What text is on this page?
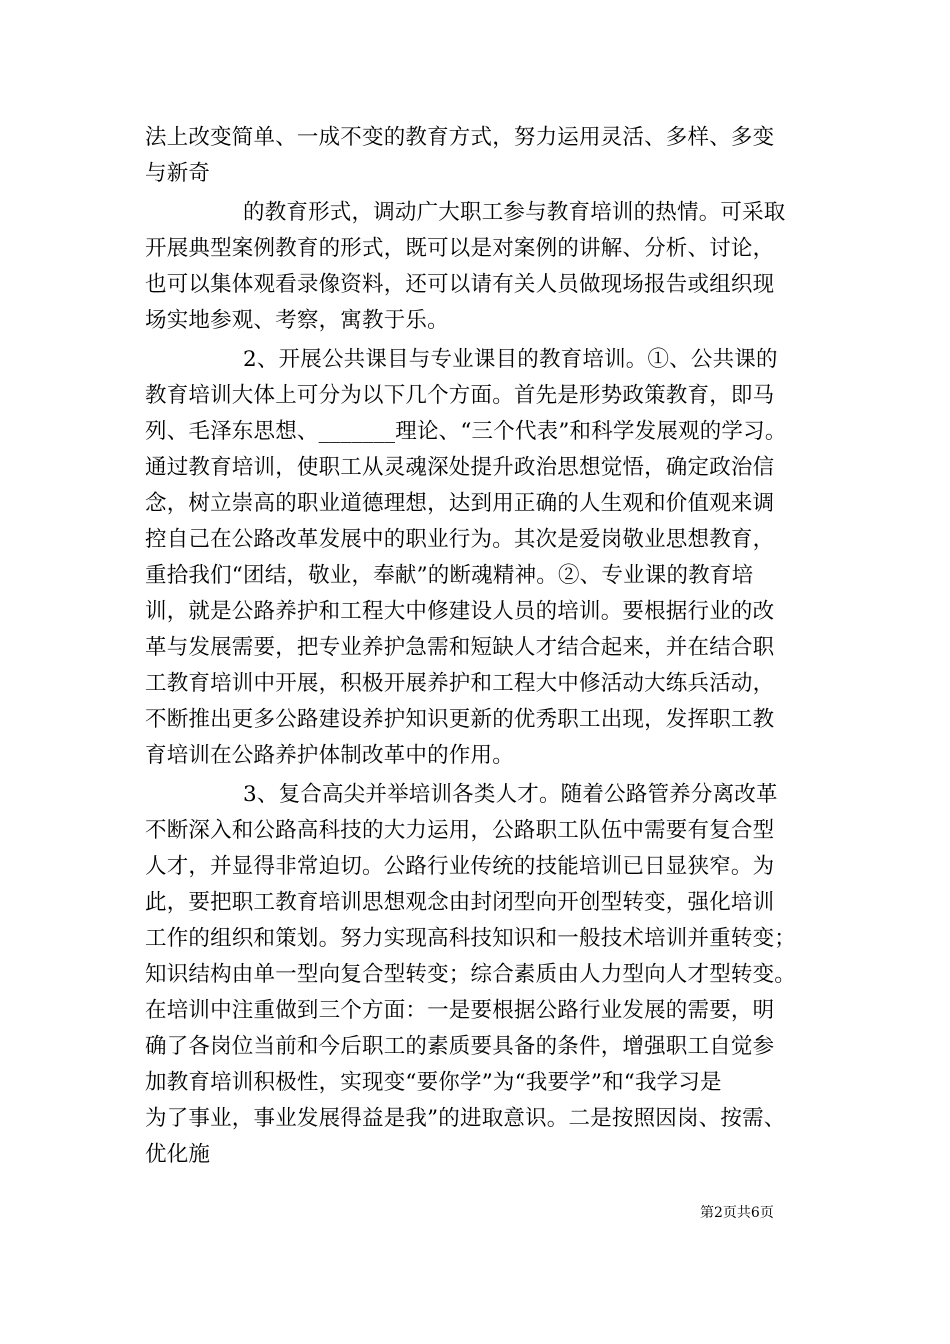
法上改变简单、一成不变的教育方式，努力运用灵活、多样、多变
与新奇
的教育形式，调动广大职工参与教育培训的热情。可采取
开展典型案例教育的形式，既可以是对案例的讲解、分析、讨论，
也可以集体观看录像资料，还可以请有关人员做现场报告或组织现
场实地参观、考察，寓教于乐。
2、开展公共课目与专业课目的教育培训。①、公共课的
教育培训大体上可分为以下几个方面。首先是形势政策教育，即马
列、毛泽东思想、_______理论、“三个代表”和科学发展观的学习。
通过教育培训，使职工从灵魂深处提升政治思想觉悟，确定政治信
念，树立崇高的职业道德理想，达到用正确的人生观和价值观来调
控自己在公路改革发展中的职业行为。其次是爱岗敬业思想教育，
重拾我们“团结，敬业，奉献”的断魂精神。②、专业课的教育培
训，就是公路养护和工程大中修建设人员的培训。要根据行业的改
革与发展需要，把专业养护急需和短缺人才结合起来，并在结合职
工教育培训中开展，积极开展养护和工程大中修活动大练兵活动，
不断推出更多公路建设养护知识更新的优秀职工出现，发挥职工教
育培训在公路养护体制改革中的作用。
3、复合高尖并举培训各类人才。随着公路管养分离改革
不断深入和公路高科技的大力运用，公路职工队伍中需要有复合型
人才，并显得非常迫切。公路行业传统的技能培训已日显狭窄。为
此，要把职工教育培训思想观念由封闭型向开创型转变，强化培训
工作的组织和策划。努力实现高科技知识和一般技术培训并重转变；
知识结构由单一型向复合型转变；综合素质由人力型向人才型转变。
在培训中注重做到三个方面：一是要根据公路行业发展的需要，明
确了各岗位当前和今后职工的素质要具备的条件，增强职工自觉参
加教育培训积极性，实现变“要你学”为“我要学”和“我学习是
为了事业，事业发展得益是我”的进取意识。二是按照因岗、按需、
优化施
第2页共6页
